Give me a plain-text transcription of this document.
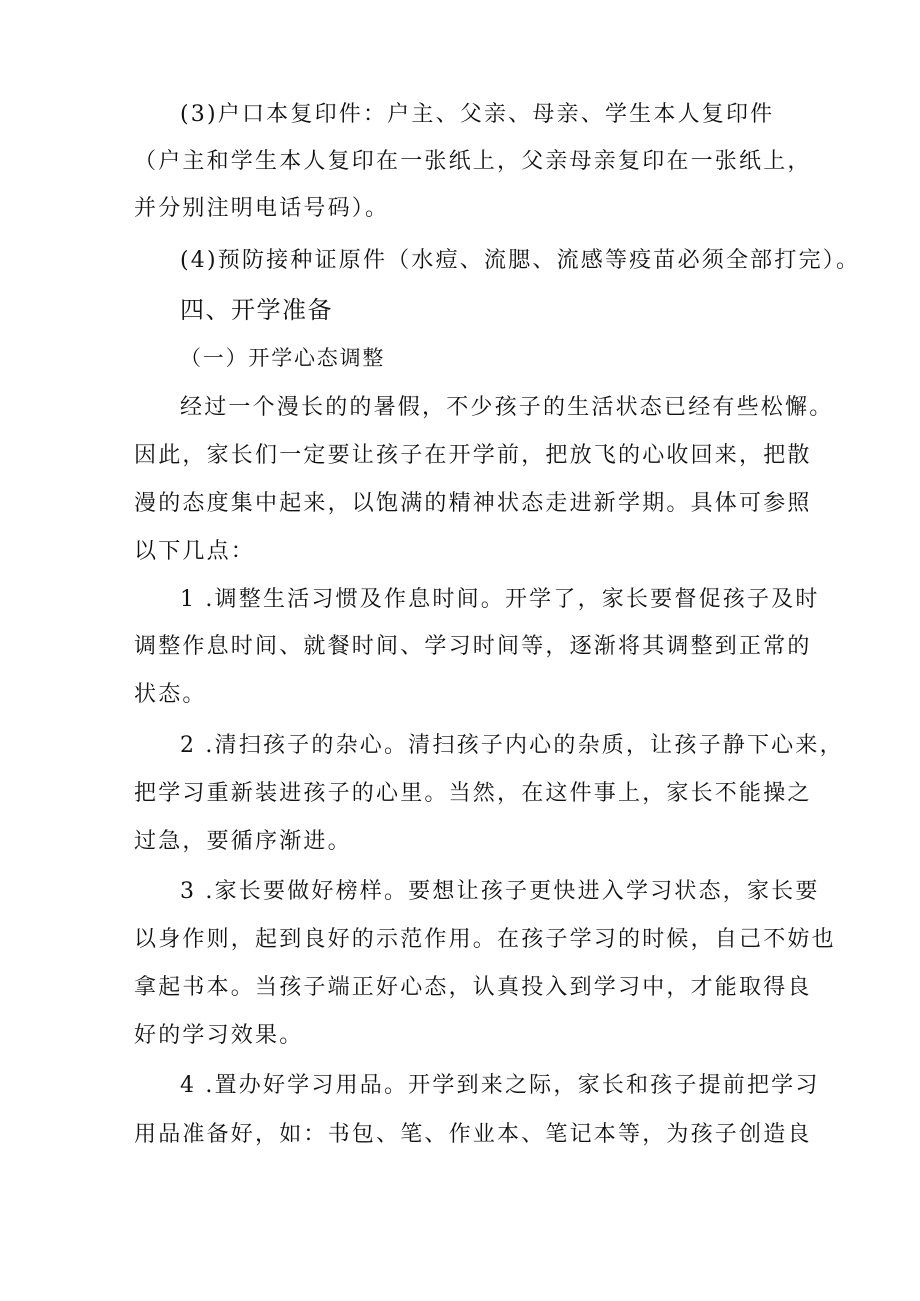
(3)户口本复印件：户主、父亲、母亲、学生本人复印件
（户主和学生本人复印在一张纸上，父亲母亲复印在一张纸上，
并分别注明电话号码）。
(4)预防接种证原件（水痘、流腮、流感等疫苗必须全部打完）。
四、开学准备
（一）开学心态调整
经过一个漫长的的暑假，不少孩子的生活状态已经有些松懈。
因此，家长们一定要让孩子在开学前，把放飞的心收回来，把散
漫的态度集中起来，以饱满的精神状态走进新学期。具体可参照
以下几点：
1 .调整生活习惯及作息时间。开学了，家长要督促孩子及时
调整作息时间、就餐时间、学习时间等，逐渐将其调整到正常的
状态。
2 .清扫孩子的杂心。清扫孩子内心的杂质，让孩子静下心来，
把学习重新装进孩子的心里。当然，在这件事上，家长不能操之
过急，要循序渐进。
3 .家长要做好榜样。要想让孩子更快进入学习状态，家长要
以身作则，起到良好的示范作用。在孩子学习的时候，自己不妨也
拿起书本。当孩子端正好心态，认真投入到学习中，才能取得良
好的学习效果。
4 .置办好学习用品。开学到来之际，家长和孩子提前把学习
用品准备好，如：书包、笔、作业本、笔记本等，为孩子创造良
